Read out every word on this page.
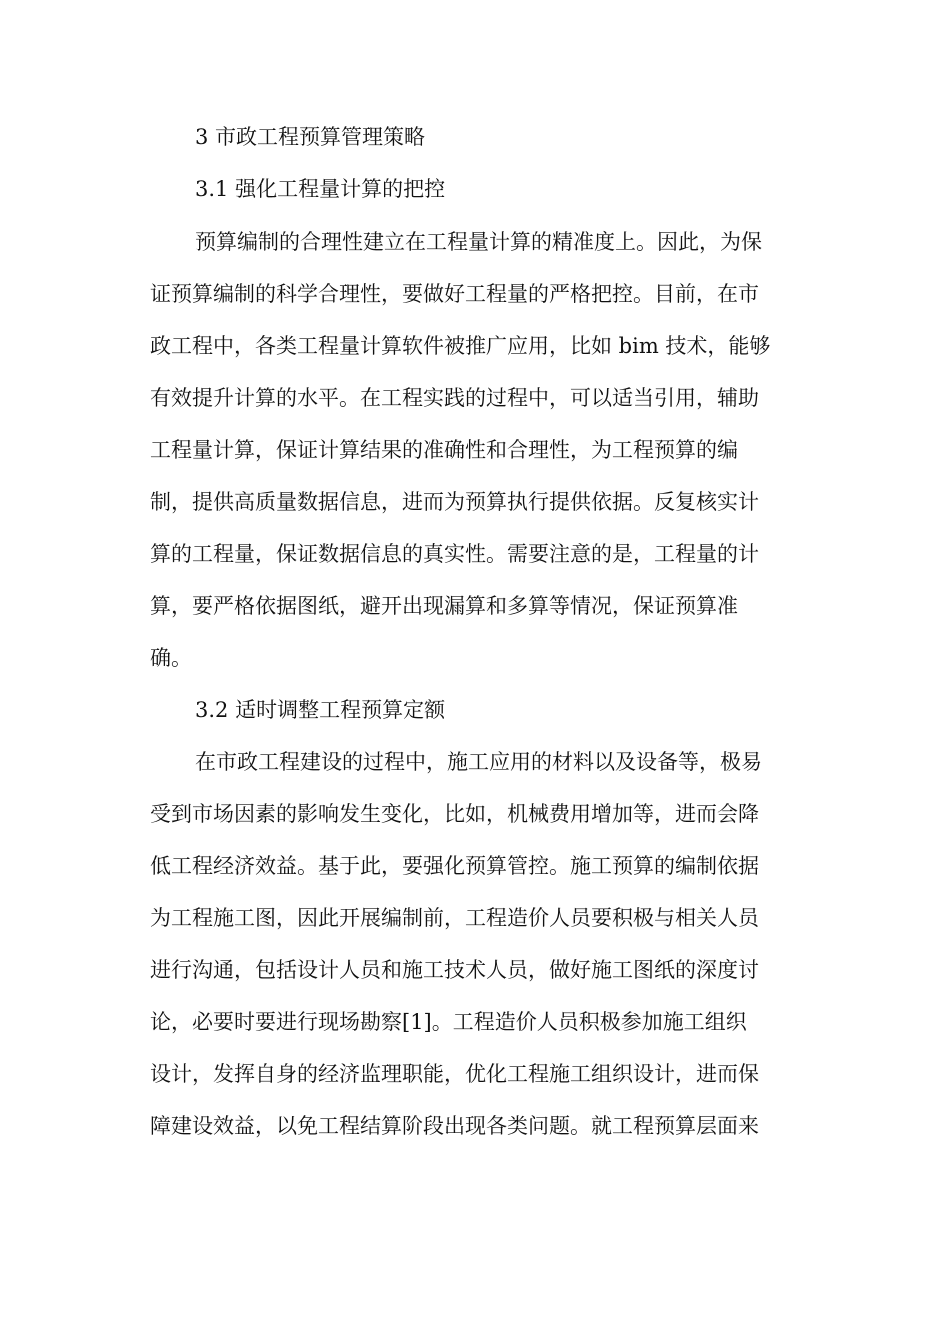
3 市政工程预算管理策略
3.1 强化工程量计算的把控
预算编制的合理性建立在工程量计算的精准度上。因此，为保
证预算编制的科学合理性，要做好工程量的严格把控。目前，在市
政工程中，各类工程量计算软件被推广应用，比如 bim 技术，能够
有效提升计算的水平。在工程实践的过程中，可以适当引用，辅助
工程量计算，保证计算结果的准确性和合理性，为工程预算的编
制，提供高质量数据信息，进而为预算执行提供依据。反复核实计
算的工程量，保证数据信息的真实性。需要注意的是，工程量的计
算，要严格依据图纸，避开出现漏算和多算等情况，保证预算准
确。
3.2 适时调整工程预算定额
在市政工程建设的过程中，施工应用的材料以及设备等，极易
受到市场因素的影响发生变化，比如，机械费用增加等，进而会降
低工程经济效益。基于此，要强化预算管控。施工预算的编制依据
为工程施工图，因此开展编制前，工程造价人员要积极与相关人员
进行沟通，包括设计人员和施工技术人员，做好施工图纸的深度讨
论，必要时要进行现场勘察[1]。工程造价人员积极参加施工组织
设计，发挥自身的经济监理职能，优化工程施工组织设计，进而保
障建设效益，以免工程结算阶段出现各类问题。就工程预算层面来
